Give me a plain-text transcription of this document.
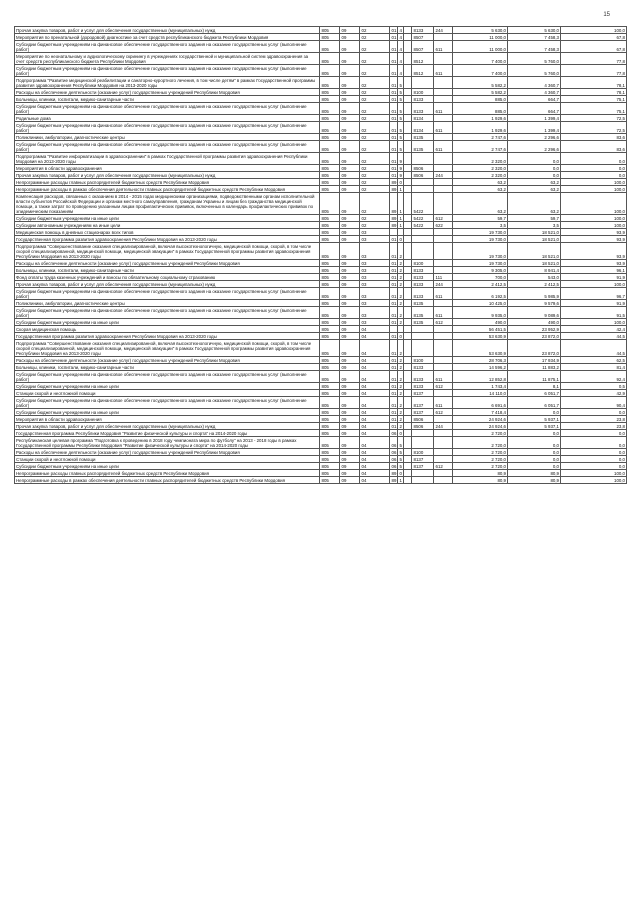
15
Прочая закупка товаров, работ и услуг для обеспечения государственных (муниципальных) нужд	805	09	02	01	4		8133	244	5 630,0	5 630,0	100,0
Мероприятия по пренатальной (дородовой) диагностике за счет средств республиканского бюджета Республики Мордовия	805	09	02	01	4		8507		11 000,0	7 458,3	67,8
Субсидии бюджетным учреждениям на финансовое обеспечение государственного задания на оказание государственных услуг (выполнение работ)	805	09	02	01	4		8507	611	11 000,0	7 458,3	67,8
Мероприятие по неонатальному и аудиологическому скринингу в учреждениях государственной и муниципальной систем здравоохранения за счет средств республиканского бюджета Республики Мордовия	805	09	02	01	4		8512		7 400,0	5 760,0	77,8
Субсидии бюджетным учреждениям на финансовое обеспечение государственного задания на оказание государственных услуг (выполнение работ)	805	09	02	01	4		8512	611	7 400,0	5 760,0	77,8
Подпрограмма "Развитие медицинской реабилитации и санаторно-курортного лечения, в том числе детям" в рамках Государственной программы развития здравоохранения Республики Мордовия на 2013-2020 годы	805	09	02	01	5				5 582,2	4 360,7	78,1
Расходы на обеспечение деятельности (оказание услуг) государственных учреждений Республики Мордовия	805	09	02	01	5		8100		5 582,2	4 360,7	78,1
Больницы, клиники, госпитали, медико-санитарные части	805	09	02	01	5		8133		885,0	664,7	75,1
Субсидии бюджетным учреждениям на финансовое обеспечение государственного задания на оказание государственных услуг (выполнение работ)	805	09	02	01	5		8133	611	885,0	664,7	75,1
Родильные дома	805	09	02	01	5		8134		1 929,6	1 399,4	72,5
Субсидии бюджетным учреждениям на финансовое обеспечение государственного задания на оказание государственных услуг (выполнение работ)	805	09	02	01	5		8134	611	1 929,6	1 399,4	72,5
Поликлиники, амбулатории, диагностические центры	805	09	02	01	5		8135		2 747,6	2 296,6	83,6
Субсидии бюджетным учреждениям на финансовое обеспечение государственного задания на оказание государственных услуг (выполнение работ)	805	09	02	01	5		8135	611	2 747,6	2 296,6	83,6
Подпрограмма "Развитие информатизации в здравоохранении" в рамках Государственной программы развития здравоохранения Республики Мордовия на 2013-2020 годы	805	09	02	01	9				2 320,0	0,0	0,0
Мероприятия в области здравоохранения	805	09	02	01	9		8506		2 320,0	0,0	0,0
Прочая закупка товаров, работ и услуг для обеспечения государственных (муниципальных) нужд	805	09	02	01	9		8506	244	2 320,0	0,0	0,0
Непрограммные расходы главных распорядителей бюджетных средств Республики Мордовия	805	09	02	89	0				63,2	63,2	100,0
Непрограммные расходы в рамках обеспечения деятельности главных распорядителей бюджетных средств Республики Мордовия	805	09	02	89	1				63,2	63,2	100,0
Компенсация расходов, связанных с оказанием в 2014 - 2015 годах медицинскими организациями, подведомственными органам исполнительной власти субъектов Российской Федерации и органам местного самоуправления, гражданам Украины и лицам без гражданства медицинской помощи, а также затрат по проведению указанным лицам профилактических прививок, включенных в календарь профилактических прививок по эпидемическим показаниям	805	09	02	89	1		5422		63,2	63,2	100,0
Субсидии бюджетным учреждениям на иные цели	805	09	02	89	1		5422	612	59,7	59,7	100,0
Субсидии автономным учреждениям на иные цели	805	09	02	89	1		5422	622	3,5	3,5	100,0
Медицинская помощь в дневных стационарах всех типов	805	09	03						19 730,0	18 521,0	93,9
Государственная программа развития здравоохранения Республики Мордовия на 2013-2020 годы	805	09	03	01	0				19 730,0	18 521,0	93,9
Подпрограмма "Совершенствование оказания специализированной, включая высокотехнологичную, медицинской помощи, скорой, в том числе скорой специализированной, медицинской помощи, медицинской эвакуации" в рамках Государственной программы развития здравоохранения Республики Мордовия на 2013-2020 годы	805	09	03	01	2				19 730,0	18 521,0	93,9
Расходы на обеспечение деятельности (оказание услуг) государственных учреждений Республики Мордовия	805	09	03	01	2		8100		19 730,0	18 521,0	93,9
Больницы, клиники, госпитали, медико-санитарные части	805	09	03	01	2		8133		9 305,0	8 941,4	96,1
Фонд оплаты труда казенных учреждений и взносы по обязательному социальному страхованию	805	09	03	01	2		8133	111	700,0	543,0	91,9
Прочая закупка товаров, работ и услуг для обеспечения государственных (муниципальных) нужд	805	09	03	01	2		8133	244	2 412,5	2 412,5	100,0
Субсидии бюджетным учреждениям на финансовое обеспечение государственного задания на оказание государственных услуг (выполнение работ)	805	09	03	01	2		8133	611	6 192,5	5 985,9	96,7
Поликлиники, амбулатории, диагностические центры	805	09	03	01	2		8135		10 425,0	9 579,6	91,9
Субсидии бюджетным учреждениям на финансовое обеспечение государственного задания на оказание государственных услуг (выполнение работ)	805	09	03	01	2		8135	611	9 935,0	9 089,6	91,5
Субсидии бюджетным учреждениям на иные цели	805	09	03	01	2		8135	612	490,0	490,0	100,0
Скорая медицинская помощь	805	09	04						56 451,5	23 952,9	42,4
Государственная программа развития здравоохранения Республики Мордовия на 2013-2020 годы	805	09	04	01	0				53 630,9	23 872,0	44,5
Подпрограмма "Совершенствование оказания специализированной, включая высокотехнологичную, медицинской помощи, скорой, в том числе скорой специализированной, медицинской помощи, медицинской эвакуации" в рамках Государственной программы развития здравоохранения Республики Мордовия на 2013-2020 годы	805	09	04	01	2				53 630,9	23 872,0	44,5
Расходы на обеспечение деятельности (оказание услуг) государственных учреждений Республики Мордовия	805	09	04	01	2		8100		28 706,3	17 934,9	62,5
Больницы, клиники, госпитали, медико-санитарные части	805	09	04	01	2		8133		14 596,2	11 883,2	81,4
Субсидии бюджетным учреждениям на финансовое обеспечение государственного задания на оказание государственных услуг (выполнение работ)	805	09	04	01	2		8133	611	12 852,8	11 875,1	92,4
Субсидии бюджетным учреждениям на иные цели	805	09	04	01	2		8133	612	1 743,4	8,1	0,5
Станции скорой и неотложной помощи	805	09	04	01	2		8137		14 110,0	6 051,7	42,9
Субсидии бюджетным учреждениям на финансовое обеспечение государственного задания на оказание государственных услуг (выполнение работ)	805	09	04	01	2		8137	611	6 691,6	6 051,7	90,4
Субсидии бюджетным учреждениям на иные цели	805	09	04	01	2		8137	612	7 418,4	0,0	0,0
Мероприятия в области здравоохранения	805	09	04	01	2		8506		24 924,6	5 937,1	23,8
Прочая закупка товаров, работ и услуг для обеспечения государственных (муниципальных) нужд	805	09	04	01	2		8506	244	24 924,6	5 937,1	23,8
Государственная программа Республики Мордовия "Развитие физической культуры и спорта" на 2014-2020 годы	805	09	04	06	0				2 720,0	0,0	0,0
Республиканская целевая программа "Подготовка к проведению в 2018 году чемпионата мира по футболу" на 2013 - 2018 годы в рамках Государственной программы Республики Мордовия "Развитие физической культуры и спорта" на 2014-2020 годы	805	09	04	06	5				2 720,0	0,0	0,0
Расходы на обеспечение деятельности (оказание услуг) государственных учреждений Республики Мордовия	805	09	04	06	5		8100		2 720,0	0,0	0,0
Станции скорой и неотложной помощи	805	09	04	06	5		8137		2 720,0	0,0	0,0
Субсидии бюджетным учреждениям на иные цели	805	09	04	06	5		8137	612	2 720,0	0,0	0,0
Непрограммные расходы главных распорядителей бюджетных средств Республики Мордовия	805	09	04	89	0				80,9	80,9	100,0
Непрограммные расходы в рамках обеспечения деятельности главных распорядителей бюджетных средств Республики Мордовия	805	09	04	89	1				80,9	80,9	100,0
